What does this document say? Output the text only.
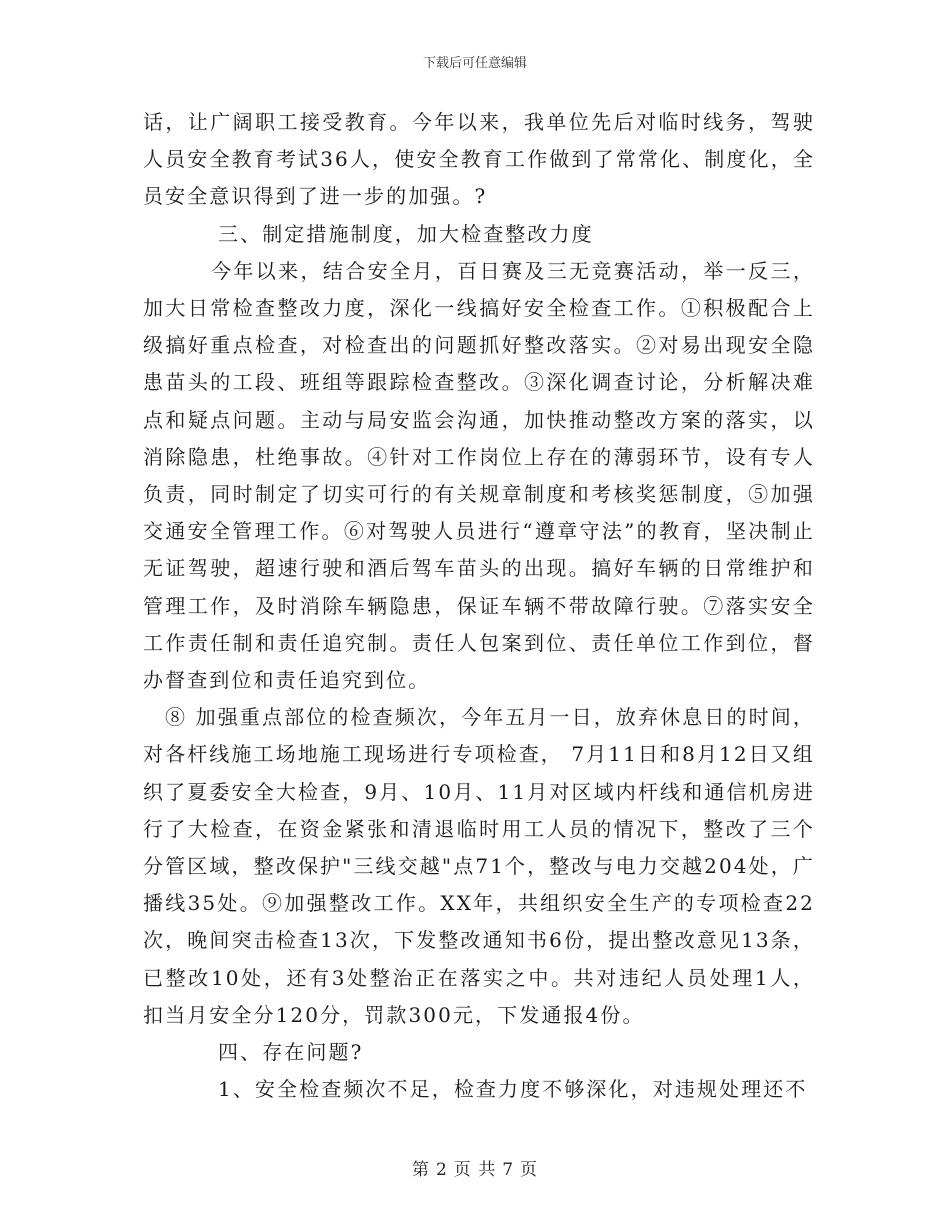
下载后可任意编辑

话，让广阔职工接受教育。今年以来，我单位先后对临时线务，驾驶人员安全教育考试36人，使安全教育工作做到了常常化、制度化，全员安全意识得到了进一步的加强。?

三、制定措施制度，加大检查整改力度

今年以来，结合安全月，百日赛及三无竞赛活动，举一反三，加大日常检查整改力度，深化一线搞好安全检查工作。①积极配合上级搞好重点检查，对检查出的问题抓好整改落实。②对易出现安全隐患苗头的工段、班组等跟踪检查整改。③深化调查讨论，分析解决难点和疑点问题。主动与局安监会沟通，加快推动整改方案的落实，以消除隐患，杜绝事故。④针对工作岗位上存在的薄弱环节，设有专人负责，同时制定了切实可行的有关规章制度和考核奖惩制度，⑤加强交通安全管理工作。⑥对驾驶人员进行“遵章守法”的教育，坚决制止无证驾驶，超速行驶和酒后驾车苗头的出现。搞好车辆的日常维护和管理工作，及时消除车辆隐患，保证车辆不带故障行驶。⑦落实安全工作责任制和责任追究制。责任人包案到位、责任单位工作到位，督办督查到位和责任追究到位。

⑧ 加强重点部位的检查频次，今年五月一日，放弃休息日的时间，对各杆线施工场地施工现场进行专项检查， 7月11日和8月12日又组织了夏委安全大检查，9月、10月、11月对区域内杆线和通信机房进行了大检查，在资金紧张和清退临时用工人员的情况下，整改了三个分管区域，整改保护"三线交越"点71个，整改与电力交越204处，广播线35处。⑨加强整改工作。XX年，共组织安全生产的专项检查22次，晚间突击检查13次，下发整改通知书6份，提出整改意见13条，已整改10处，还有3处整治正在落实之中。共对违纪人员处理1人，扣当月安全分120分，罚款300元，下发通报4份。

四、存在问题?

1、安全检查频次不足，检查力度不够深化，对违规处理还不

第 2 页 共 7 页
